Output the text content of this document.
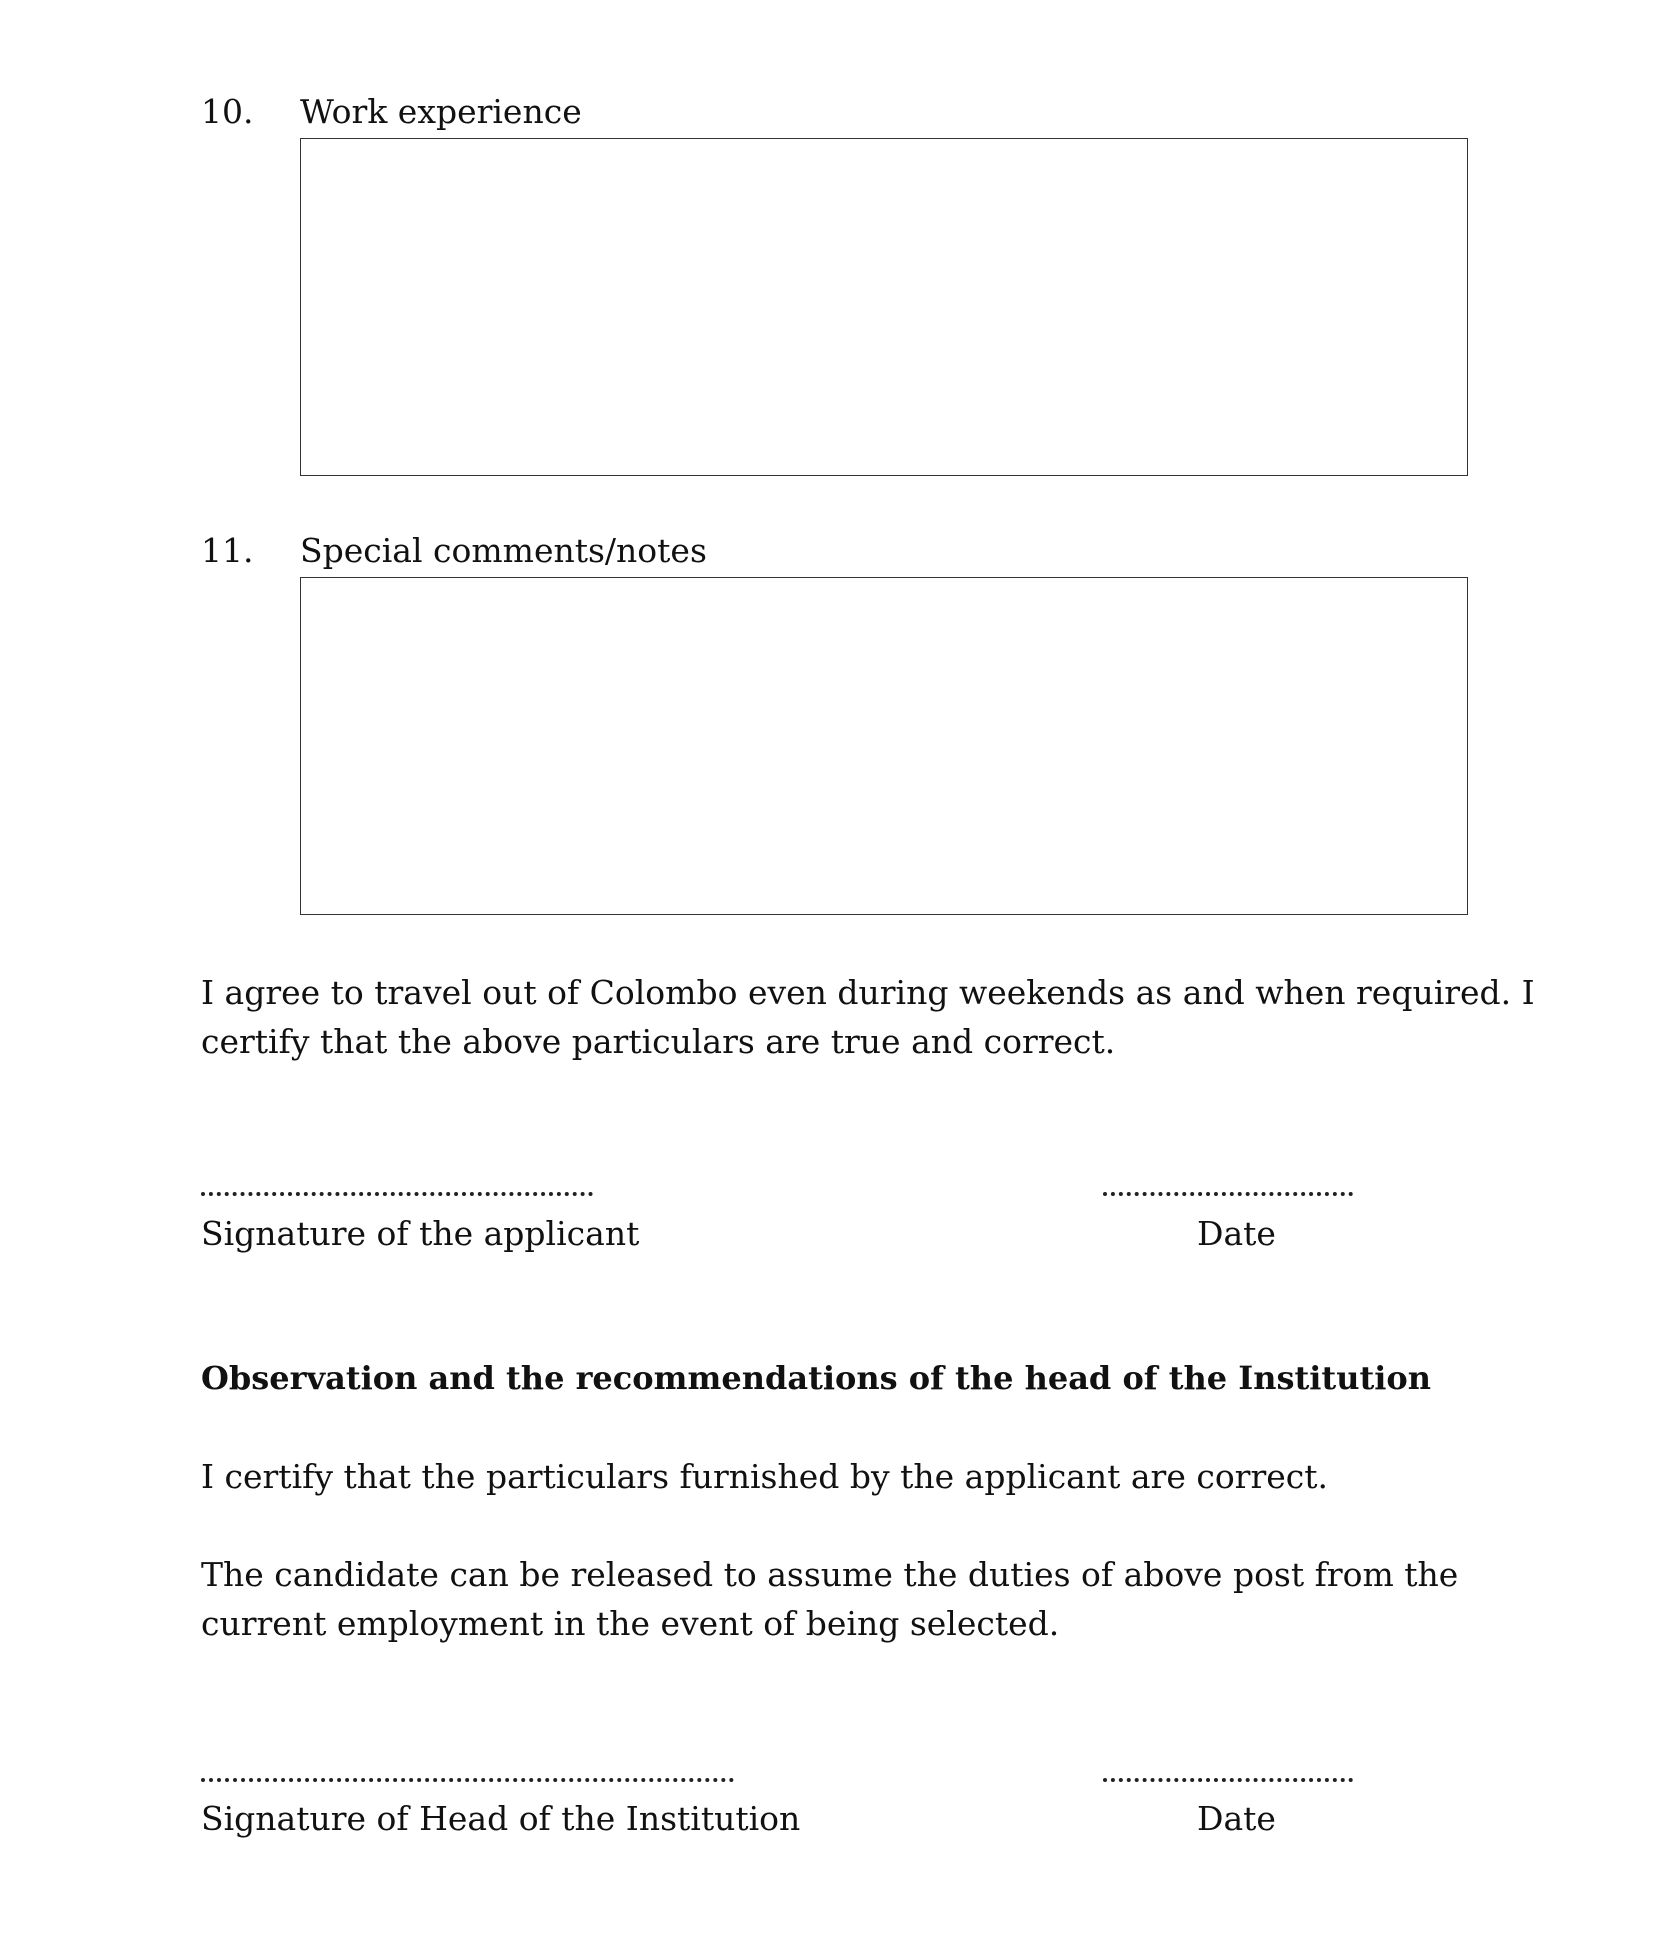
10. Work experience
11. Special comments/notes
I agree to travel out of Colombo even during weekends as and when required. I
certify that the above particulars are true and correct.
Signature of the applicant	Date
Observation and the recommendations of the head of the Institution
I certify that the particulars furnished by the applicant are correct.
The candidate can be released to assume the duties of above post from the
current employment in the event of being selected.
Signature of Head of the Institution	Date
